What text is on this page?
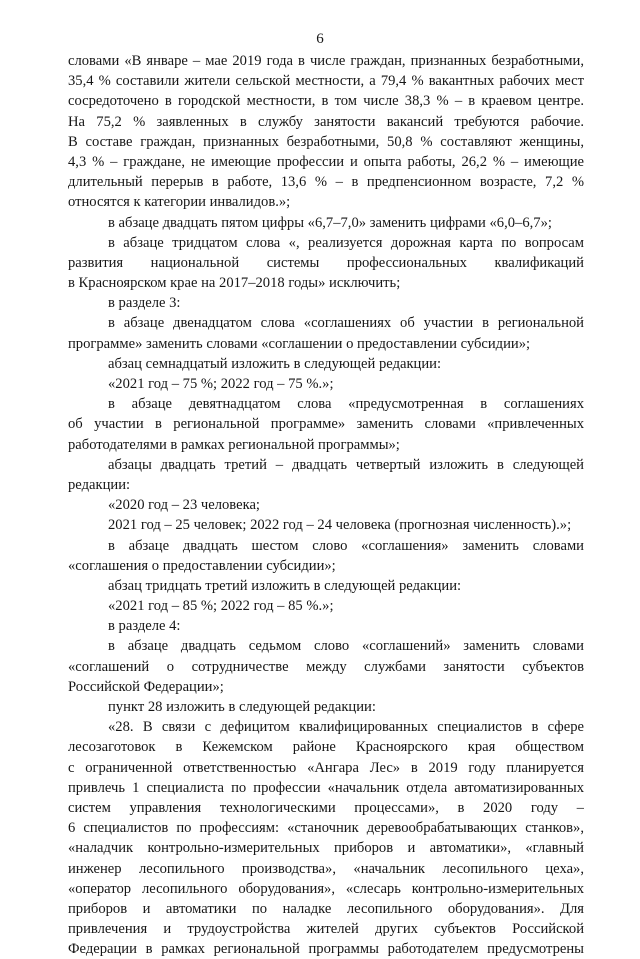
6
словами «В январе – мае 2019 года в числе граждан, признанных безработными,
35,4 % составили жители сельской местности, а 79,4 % вакантных рабочих мест
сосредоточено в городской местности, в том числе 38,3 % – в краевом центре.
На 75,2 % заявленных в службу занятости вакансий требуются рабочие.
В составе граждан, признанных безработными, 50,8 % составляют женщины,
4,3 % – граждане, не имеющие профессии и опыта работы, 26,2 % – имеющие
длительный перерыв в работе, 13,6 % – в предпенсионном возрасте, 7,2 %
относятся к категории инвалидов.»;
в абзаце двадцать пятом цифры «6,7–7,0» заменить цифрами «6,0–6,7»;
в абзаце тридцатом слова «, реализуется дорожная карта по вопросам
развития национальной системы профессиональных квалификаций
в Красноярском крае на 2017–2018 годы» исключить;
в разделе 3:
в абзаце двенадцатом слова «соглашениях об участии в региональной
программе» заменить словами «соглашении о предоставлении субсидии»;
абзац семнадцатый изложить в следующей редакции:
«2021 год – 75 %; 2022 год – 75 %.»;
в абзаце девятнадцатом слова «предусмотренная в соглашениях
об участии в региональной программе» заменить словами «привлеченных
работодателями в рамках региональной программы»;
абзацы двадцать третий – двадцать четвертый изложить в следующей
редакции:
«2020 год – 23 человека;
2021 год – 25 человек; 2022 год – 24 человека (прогнозная численность).»;
в абзаце двадцать шестом слово «соглашения» заменить словами
«соглашения о предоставлении субсидии»;
абзац тридцать третий изложить в следующей редакции:
«2021 год – 85 %; 2022 год – 85 %.»;
в разделе 4:
в абзаце двадцать седьмом слово «соглашений» заменить словами
«соглашений о сотрудничестве между службами занятости субъектов
Российской Федерации»;
пункт 28 изложить в следующей редакции:
«28. В связи с дефицитом квалифицированных специалистов в сфере
лесозаготовок в Кежемском районе Красноярского края обществом
с ограниченной ответственностью «Ангара Лес» в 2019 году планируется
привлечь 1 специалиста по профессии «начальник отдела автоматизированных
систем управления технологическими процессами», в 2020 году –
6 специалистов по профессиям: «станочник деревообрабатывающих станков»,
«наладчик контрольно-измерительных приборов и автоматики», «главный
инженер лесопильного производства», «начальник лесопильного цеха»,
«оператор лесопильного оборудования», «слесарь контрольно-измерительных
приборов и автоматики по наладке лесопильного оборудования». Для
привлечения и трудоустройства жителей других субъектов Российской
Федерации в рамках региональной программы работодателем предусмотрены
